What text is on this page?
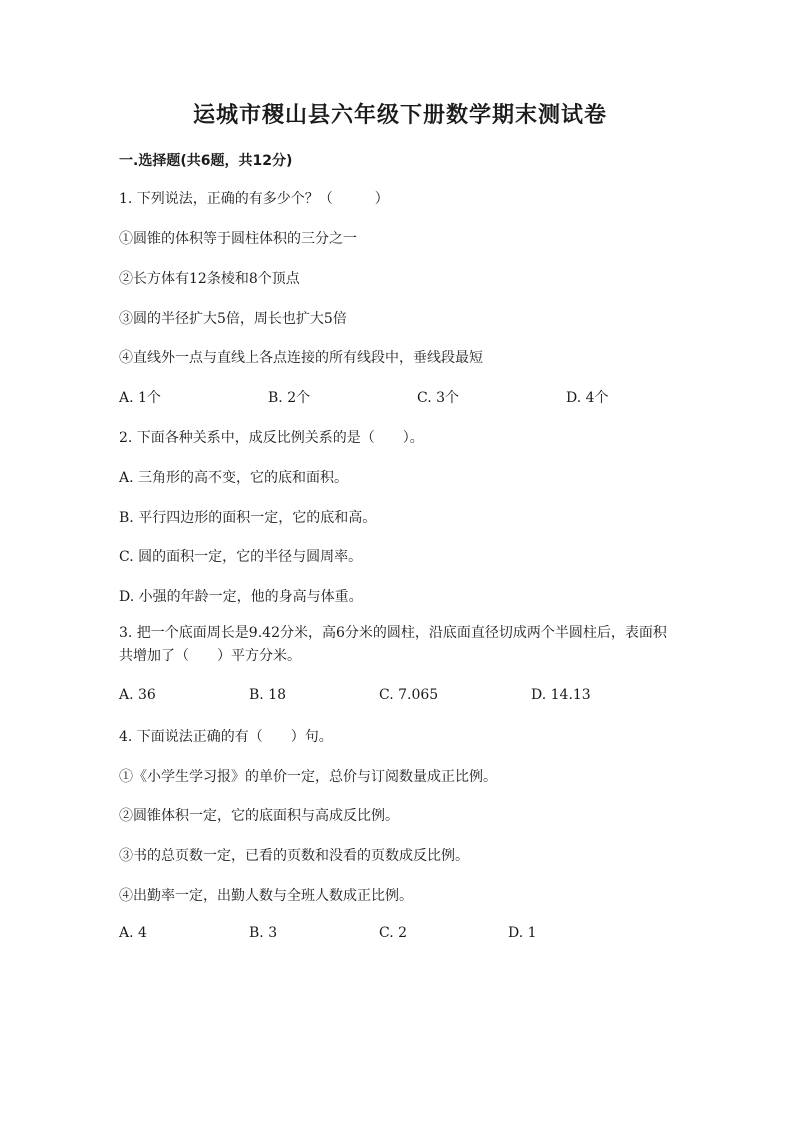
运城市稷山县六年级下册数学期末测试卷
一.选择题(共6题，共12分)
1. 下列说法，正确的有多少个？（　　　）
①圆锥的体积等于圆柱体积的三分之一
②长方体有12条棱和8个顶点
③圆的半径扩大5倍，周长也扩大5倍
④直线外一点与直线上各点连接的所有线段中，垂线段最短
A. 1个	B. 2个	C. 3个	D. 4个
2. 下面各种关系中，成反比例关系的是（　　）。
A. 三角形的高不变，它的底和面积。
B. 平行四边形的面积一定，它的底和高。
C. 圆的面积一定，它的半径与圆周率。
D. 小强的年龄一定，他的身高与体重。
3. 把一个底面周长是9.42分米，高6分米的圆柱，沿底面直径切成两个半圆柱后，表面积共增加了（　　）平方分米。
A. 36	B. 18	C. 7.065	D. 14.13
4. 下面说法正确的有（　　）句。
①《小学生学习报》的单价一定，总价与订阅数量成正比例。
②圆锥体积一定，它的底面积与高成反比例。
③书的总页数一定，已看的页数和没看的页数成反比例。
④出勤率一定，出勤人数与全班人数成正比例。
A. 4	B. 3	C. 2	D. 1
